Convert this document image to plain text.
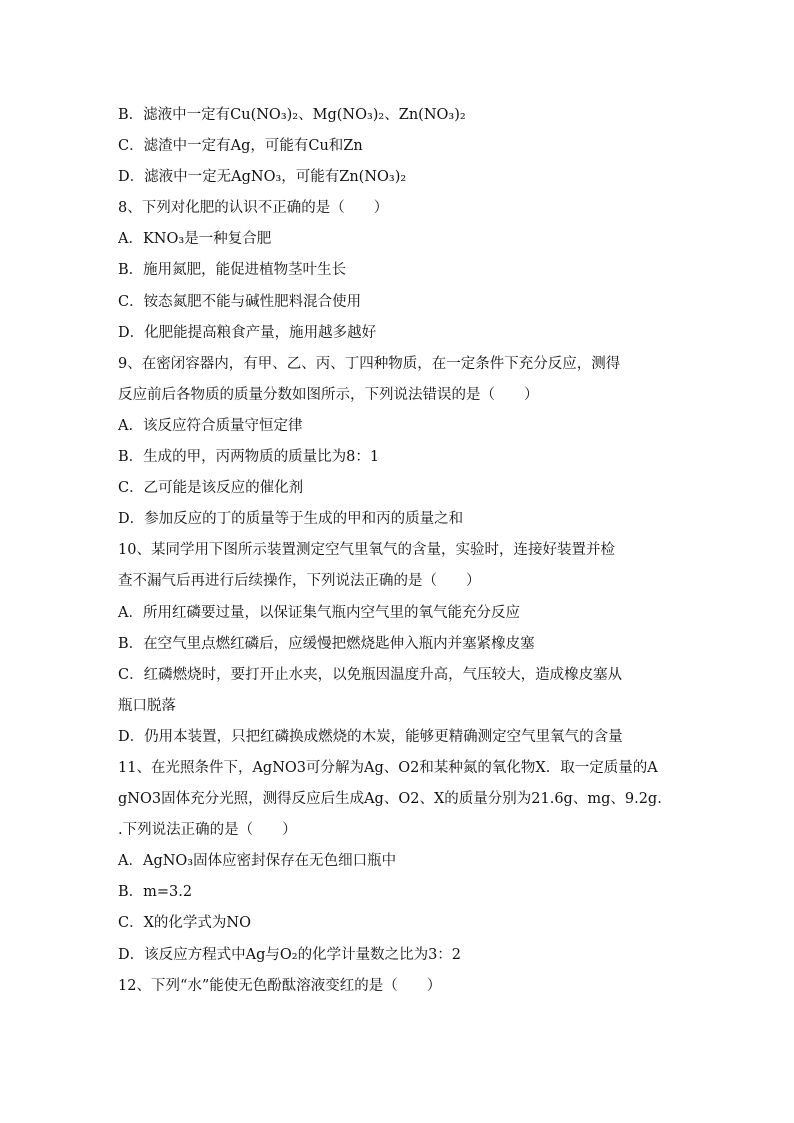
B．滤液中一定有Cu(NO₃)₂、Mg(NO₃)₂、Zn(NO₃)₂
C．滤渣中一定有Ag，可能有Cu和Zn
D．滤液中一定无AgNO₃，可能有Zn(NO₃)₂
8、下列对化肥的认识不正确的是（　　）
A．KNO₃是一种复合肥
B．施用氮肥，能促进植物茎叶生长
C．铵态氮肥不能与碱性肥料混合使用
D．化肥能提高粮食产量，施用越多越好
9、在密闭容器内，有甲、乙、丙、丁四种物质，在一定条件下充分反应，测得
反应前后各物质的质量分数如图所示，下列说法错误的是（　　）
A．该反应符合质量守恒定律
B．生成的甲，丙两物质的质量比为8：1
C．乙可能是该反应的催化剂
D．参加反应的丁的质量等于生成的甲和丙的质量之和
10、某同学用下图所示装置测定空气里氧气的含量，实验时，连接好装置并检
查不漏气后再进行后续操作，下列说法正确的是（　　）
A．所用红磷要过量，以保证集气瓶内空气里的氧气能充分反应
B．在空气里点燃红磷后，应缓慢把燃烧匙伸入瓶内并塞紧橡皮塞
C．红磷燃烧时，要打开止水夹，以免瓶因温度升高，气压较大，造成橡皮塞从
瓶口脱落
D．仍用本装置，只把红磷换成燃烧的木炭，能够更精确测定空气里氧气的含量
11、在光照条件下，AgNO3可分解为Ag、O2和某种氮的氧化物X．取一定质量的A
gNO3固体充分光照，测得反应后生成Ag、O2、X的质量分别为21.6g、mg、9.2g.
.下列说法正确的是（　　）
A．AgNO₃固体应密封保存在无色细口瓶中
B．m=3.2
C．X的化学式为NO
D．该反应方程式中Ag与O₂的化学计量数之比为3：2
12、下列“水”能使无色酚酞溶液变红的是（　　）
